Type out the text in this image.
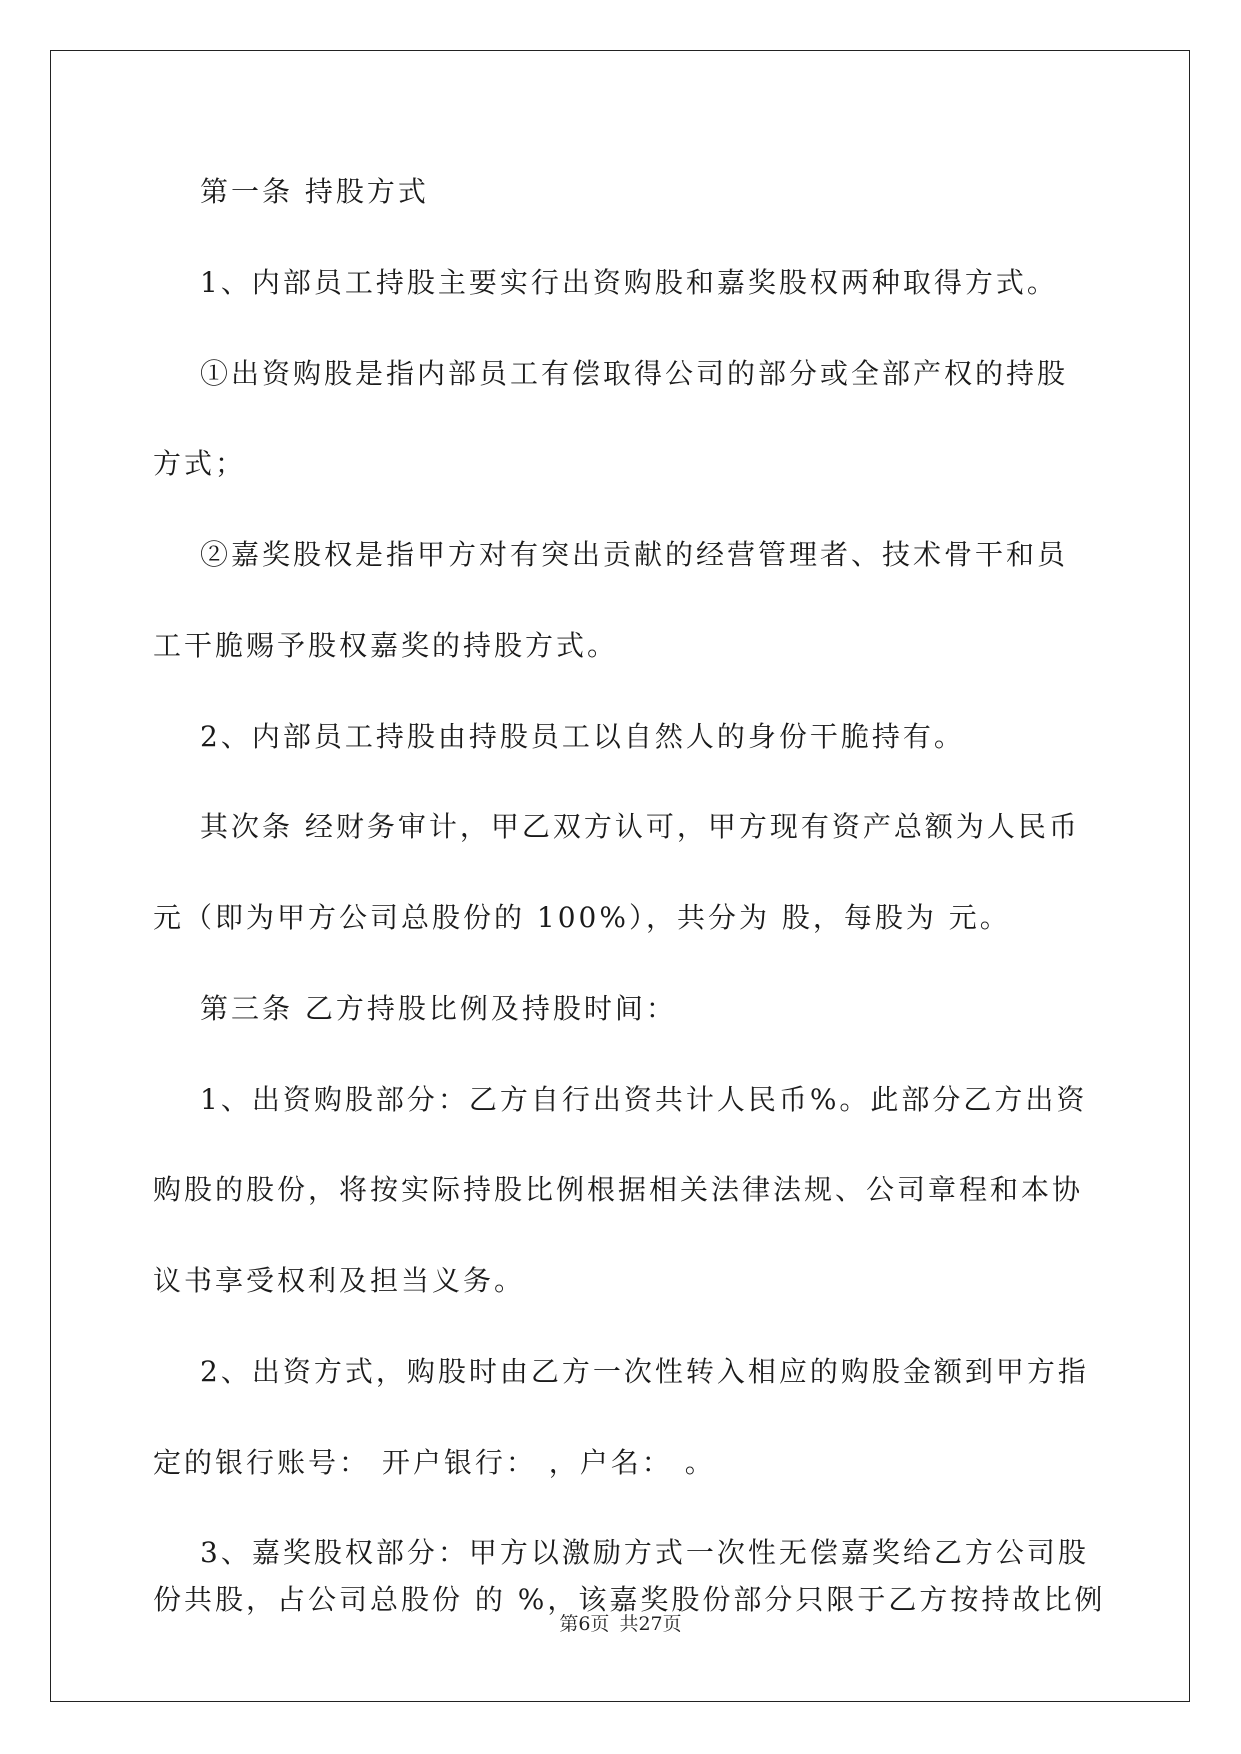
第一条 持股方式
1、内部员工持股主要实行出资购股和嘉奖股权两种取得方式。
①出资购股是指内部员工有偿取得公司的部分或全部产权的持股
方式；
②嘉奖股权是指甲方对有突出贡献的经营管理者、技术骨干和员
工干脆赐予股权嘉奖的持股方式。
2、内部员工持股由持股员工以自然人的身份干脆持有。
其次条 经财务审计，甲乙双方认可，甲方现有资产总额为人民币
元（即为甲方公司总股份的 100%），共分为 股，每股为 元。
第三条 乙方持股比例及持股时间：
1、出资购股部分：乙方自行出资共计人民币%。此部分乙方出资
购股的股份，将按实际持股比例根据相关法律法规、公司章程和本协
议书享受权利及担当义务。
2、出资方式，购股时由乙方一次性转入相应的购股金额到甲方指
定的银行账号： 开户银行： ，户名： 。
3、嘉奖股权部分：甲方以激励方式一次性无偿嘉奖给乙方公司股
份共股，占公司总股份 的 %，该嘉奖股份部分只限于乙方按持故比例
第6页 共27页
